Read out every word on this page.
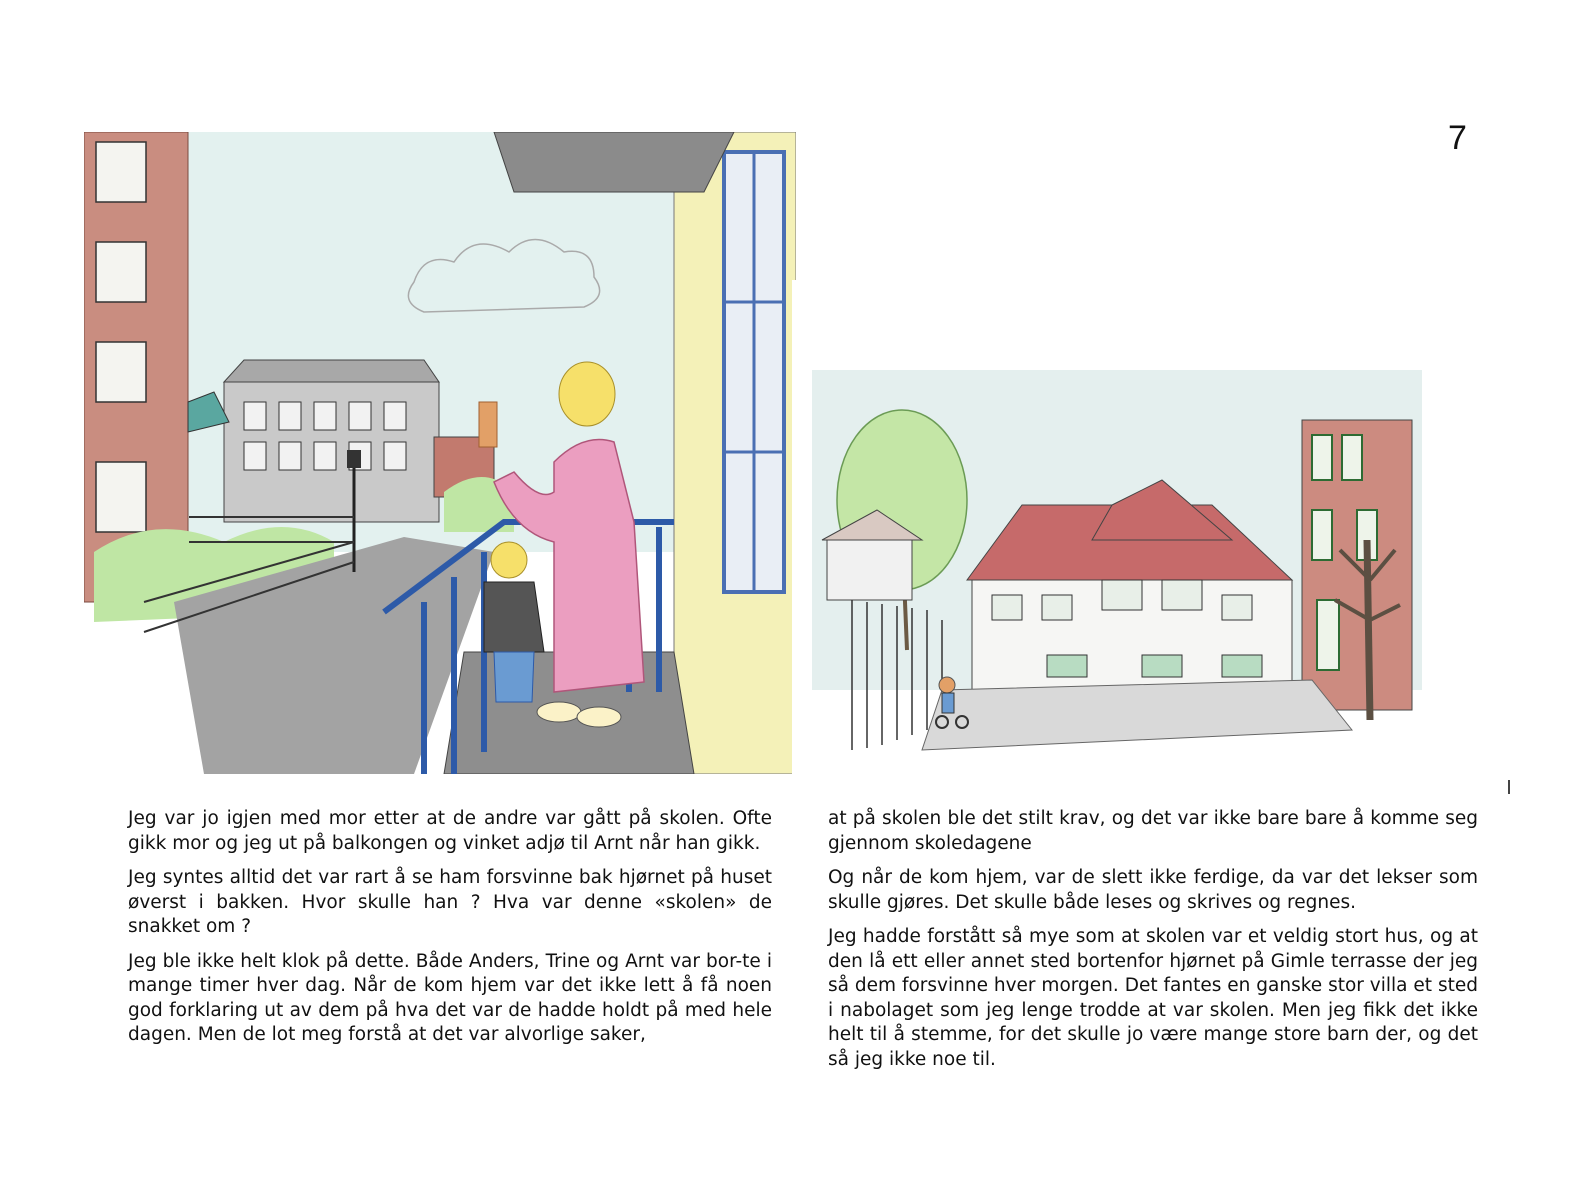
7

Jeg var jo igjen med mor etter at de andre var gått på skolen. Ofte gikk mor og jeg ut på balkongen og vinket adjø til Arnt når han gikk.

Jeg syntes alltid det var rart å se ham forsvinne bak hjørnet på huset øverst i bakken. Hvor skulle han ? Hva var denne «skolen» de snakket om ?

Jeg ble ikke helt klok på dette. Både Anders, Trine og Arnt var bor-te i mange timer hver dag. Når de kom hjem var det ikke lett å få noen god forklaring ut av dem på hva det var de hadde holdt på med hele dagen. Men de lot meg forstå at det var alvorlige saker,

at på skolen ble det stilt krav, og det var ikke bare bare å komme seg gjennom skoledagene

Og når de kom hjem, var de slett ikke ferdige, da var det lekser som skulle gjøres. Det skulle både leses og skrives og regnes.

Jeg hadde forstått så mye som at skolen var et veldig stort hus, og at den lå ett eller annet sted bortenfor hjørnet på Gimle terrasse der jeg så dem forsvinne hver morgen. Det fantes en ganske stor villa et sted i nabolaget som jeg lenge trodde at var skolen. Men jeg fikk det ikke helt til å stemme, for det skulle jo være mange store barn der, og det så jeg ikke noe til.
